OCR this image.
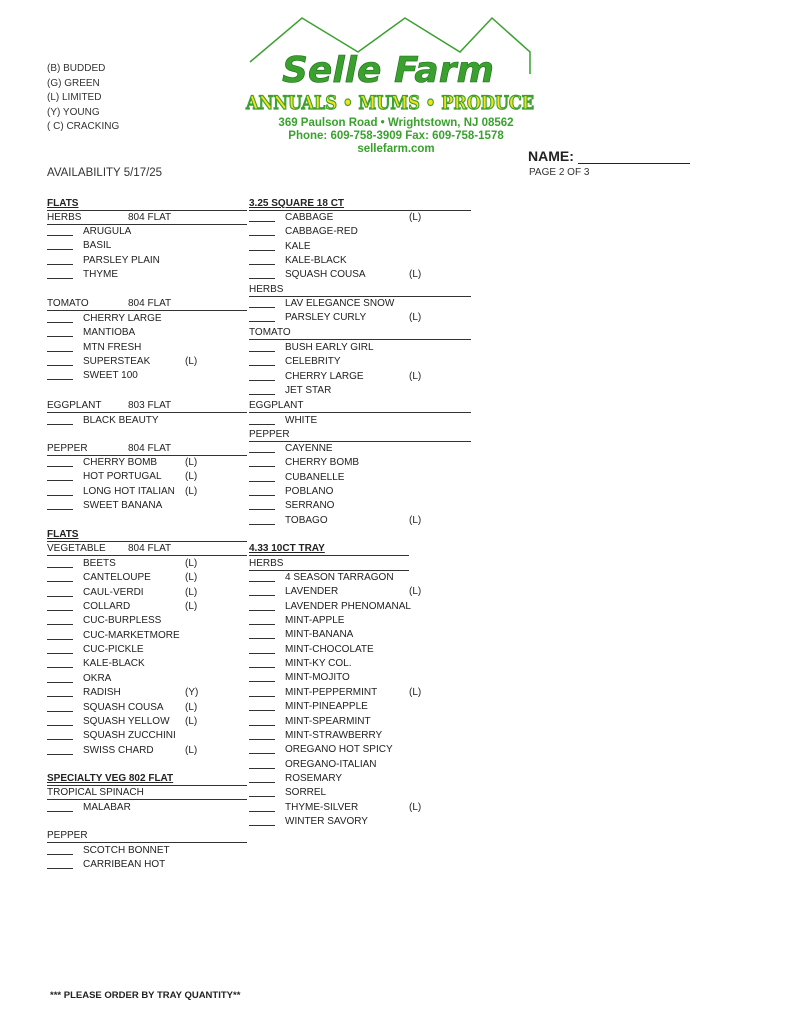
(B) BUDDED
(G) GREEN
(L) LIMITED
(Y) YOUNG
( C) CRACKING
Selle Farm
ANNUALS • MUMS • PRODUCE
369 Paulson Road • Wrightstown, NJ 08562
Phone: 609-758-3909 Fax: 609-758-1578
sellefarm.com
AVAILABILITY 5/17/25
NAME:
PAGE 2 OF 3
FLATS
HERBS	804 FLAT
ARUGULA
BASIL
PARSLEY PLAIN
THYME
TOMATO	804 FLAT
CHERRY LARGE
MANTIOBA
MTN FRESH
SUPERSTEAK	(L)
SWEET 100
EGGPLANT	803 FLAT
BLACK BEAUTY
PEPPER	804 FLAT
CHERRY BOMB	(L)
HOT PORTUGAL (L)
LONG HOT ITALIAN (L)
SWEET BANANA
FLATS
VEGETABLE 804 FLAT
BEETS	(L)
CANTELOUPE	(L)
CAUL-VERDI	(L)
COLLARD	(L)
CUC-BURPLESS
CUC-MARKETMORE
CUC-PICKLE
KALE-BLACK
OKRA
RADISH	(Y)
SQUASH COUSA (L)
SQUASH YELLOW (L)
SQUASH ZUCCHINI
SWISS CHARD	(L)
SPECIALTY VEG 802 FLAT
TROPICAL SPINACH
MALABAR
PEPPER
SCOTCH BONNET
CARRIBEAN HOT
3.25 SQUARE 18 CT
CABBAGE	(L)
CABBAGE-RED
KALE
KALE-BLACK
SQUASH COUSA	(L)
HERBS
LAV ELEGANCE SNOW
PARSLEY CURLY	(L)
TOMATO
BUSH EARLY GIRL
CELEBRITY
CHERRY LARGE	(L)
JET STAR
EGGPLANT
WHITE
PEPPER
CAYENNE
CHERRY BOMB
CUBANELLE
POBLANO
SERRANO
TOBAGO	(L)
4.33 10CT TRAY
HERBS
4 SEASON TARRAGON
LAVENDER	(L)
LAVENDER PHENOMANAL
MINT-APPLE
MINT-BANANA
MINT-CHOCOLATE
MINT-KY COL.
MINT-MOJITO
MINT-PEPPERMINT	(L)
MINT-PINEAPPLE
MINT-SPEARMINT
MINT-STRAWBERRY
OREGANO HOT SPICY
OREGANO-ITALIAN
ROSEMARY
SORREL
THYME-SILVER	(L)
WINTER SAVORY
*** PLEASE ORDER BY TRAY QUANTITY**
